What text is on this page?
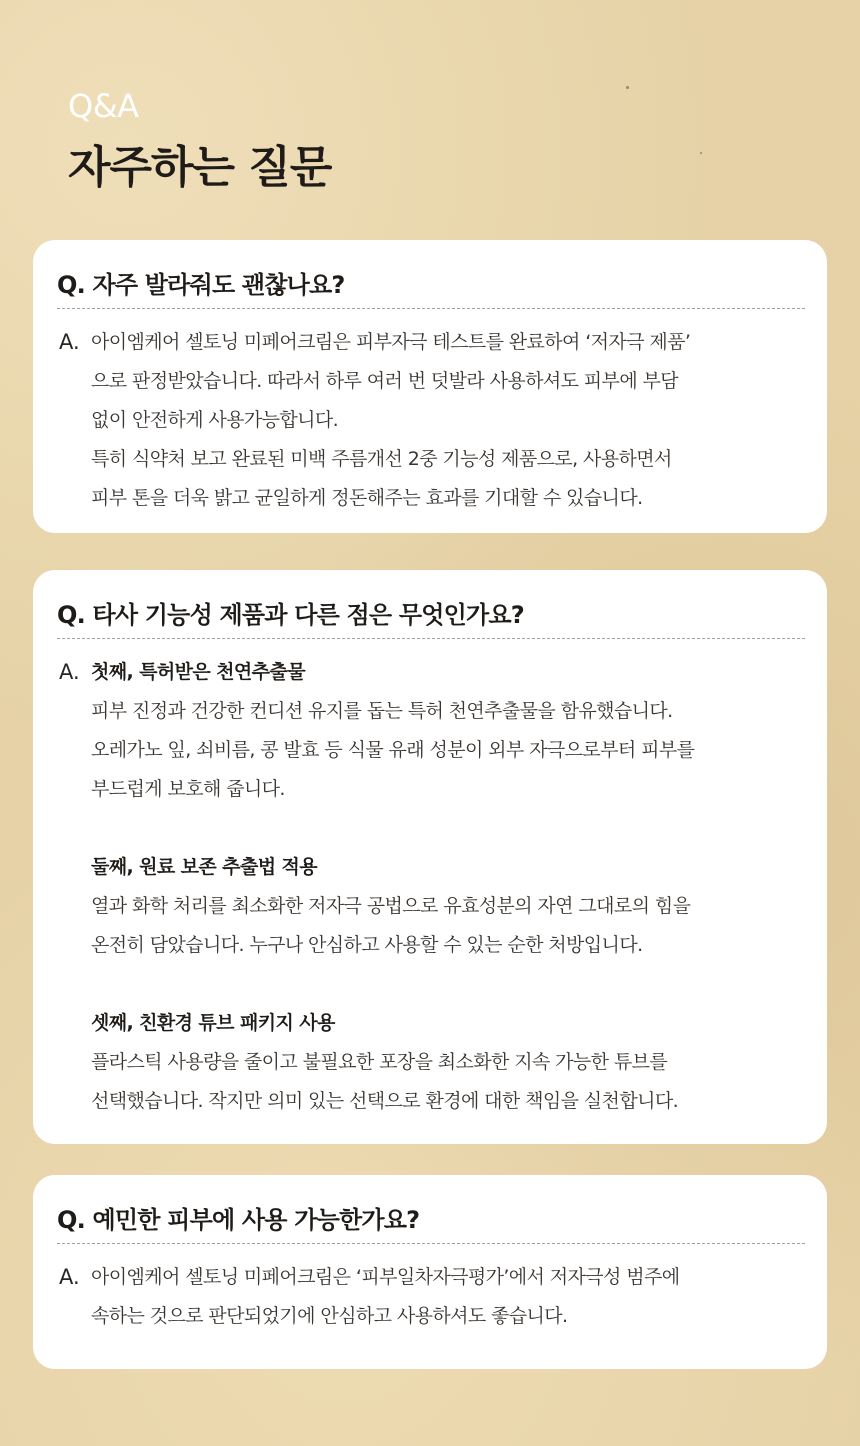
Q&A
자주하는 질문
Q. 자주 발라줘도 괜찮나요?
A. 아이엠케어 셀토닝 미페어크림은 피부자극 테스트를 완료하여 ‘저자극 제품’
으로 판정받았습니다. 따라서 하루 여러 번 덧발라 사용하셔도 피부에 부담
없이 안전하게 사용가능합니다.
특히 식약처 보고 완료된 미백 주름개선 2중 기능성 제품으로, 사용하면서
피부 톤을 더욱 밝고 균일하게 정돈해주는 효과를 기대할 수 있습니다.
Q. 타사 기능성 제품과 다른 점은 무엇인가요?
A. 첫째, 특허받은 천연추출물
피부 진정과 건강한 컨디션 유지를 돕는 특허 천연추출물을 함유했습니다.
오레가노 잎, 쇠비름, 콩 발효 등 식물 유래 성분이 외부 자극으로부터 피부를
부드럽게 보호해 줍니다.
둘째, 원료 보존 추출법 적용
열과 화학 처리를 최소화한 저자극 공법으로 유효성분의 자연 그대로의 힘을
온전히 담았습니다. 누구나 안심하고 사용할 수 있는 순한 처방입니다.
셋째, 친환경 튜브 패키지 사용
플라스틱 사용량을 줄이고 불필요한 포장을 최소화한 지속 가능한 튜브를
선택했습니다. 작지만 의미 있는 선택으로 환경에 대한 책임을 실천합니다.
Q. 예민한 피부에 사용 가능한가요?
A. 아이엠케어 셀토닝 미페어크림은 ‘피부일차자극평가’에서 저자극성 범주에
속하는 것으로 판단되었기에 안심하고 사용하셔도 좋습니다.
